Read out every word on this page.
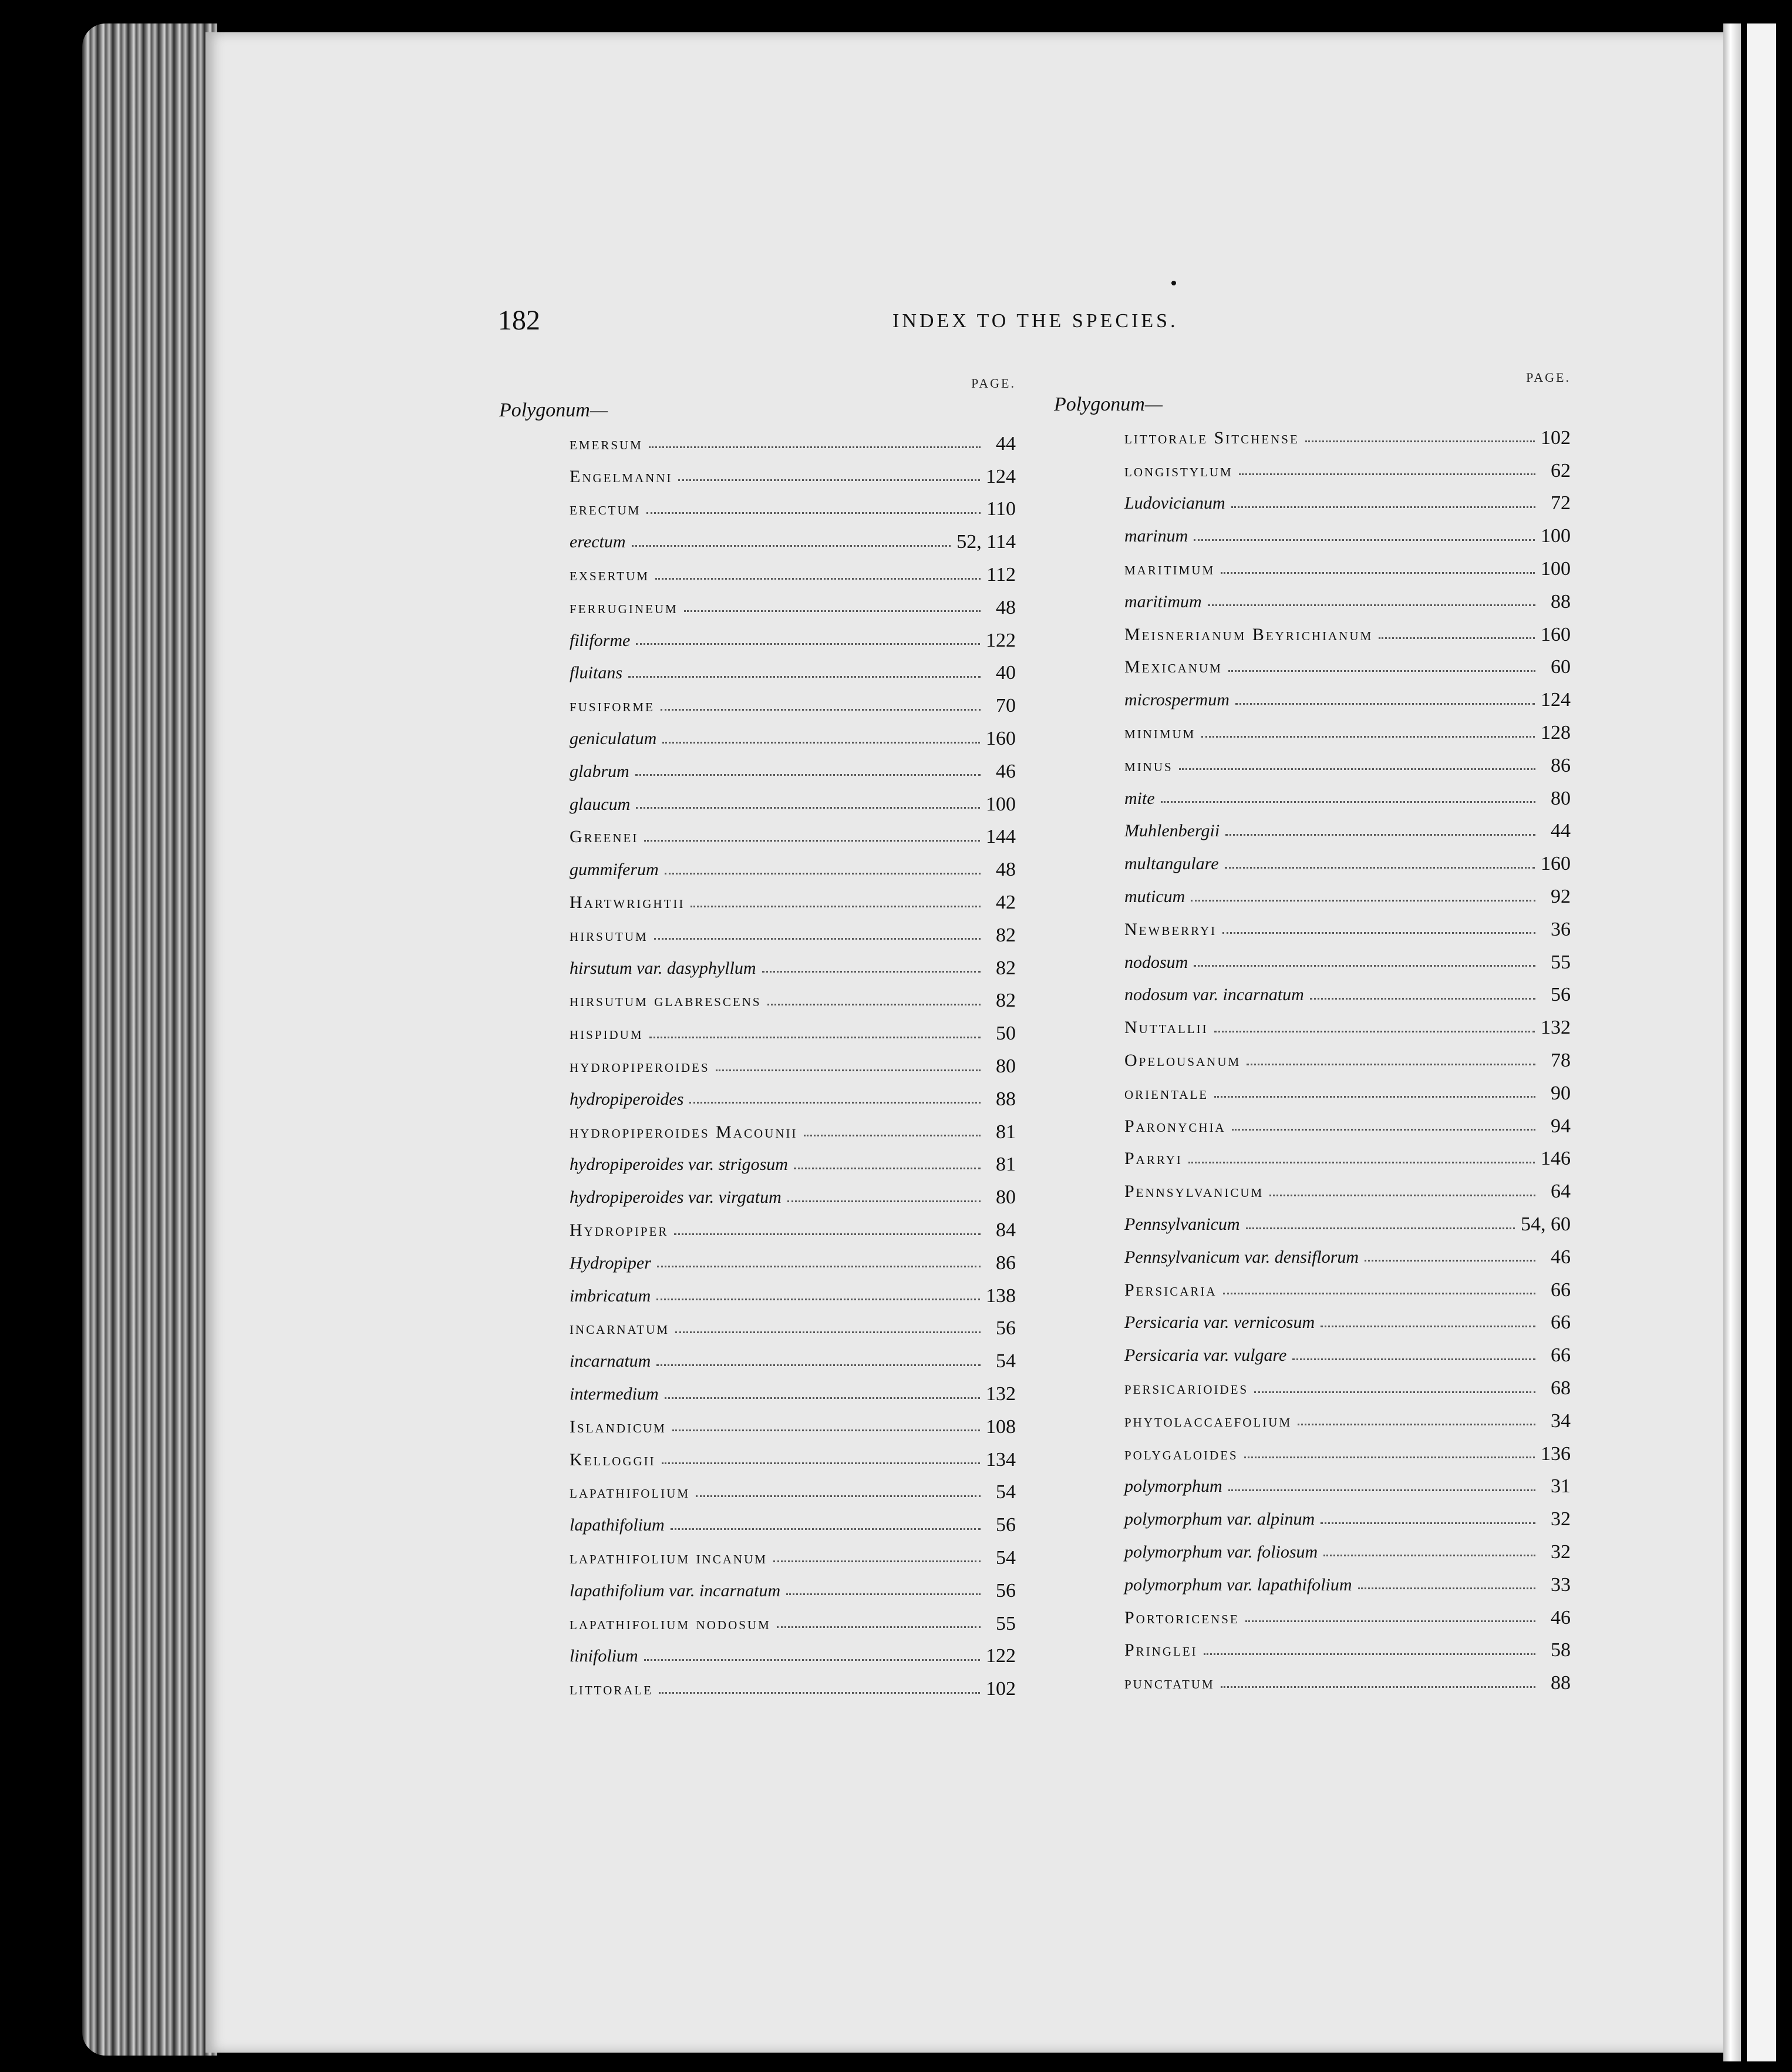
182	INDEX TO THE SPECIES.
PAGE.
Polygonum—
emersum	44
Engelmanni	124
erectum	110
erectum	52, 114
exsertum	112
ferrugineum	48
filiforme	122
fluitans	40
fusiforme	70
geniculatum	160
glabrum	46
glaucum	100
Greenei	144
gummiferum	48
Hartwrightii	42
hirsutum	82
hirsutum var. dasyphyllum	82
hirsutum glabrescens	82
hispidum	50
hydropiperoides	80
hydropiperoides	88
hydropiperoides Macounii	81
hydropiperoides var. strigosum	81
hydropiperoides var. virgatum	80
Hydropiper	84
Hydropiper	86
imbricatum	138
incarnatum	56
incarnatum	54
intermedium	132
Islandicum	108
Kelloggii	134
lapathifolium	54
lapathifolium	56
lapathifolium incanum	54
lapathifolium var. incarnatum	56
lapathifolium nodosum	55
linifolium	122
littorale	102
PAGE.
Polygonum—
littorale Sitchense	102
longistylum	62
Ludovicianum	72
marinum	100
maritimum	100
maritimum	88
Meisnerianum Beyrichianum	160
Mexicanum	60
microspermum	124
minimum	128
minus	86
mite	80
Muhlenbergii	44
multangulare	160
muticum	92
Newberryi	36
nodosum	55
nodosum var. incarnatum	56
Nuttallii	132
Opelousanum	78
orientale	90
Paronychia	94
Parryi	146
Pennsylvanicum	64
Pennsylvanicum	54, 60
Pennsylvanicum var. densiflorum	46
Persicaria	66
Persicaria var. vernicosum	66
Persicaria var. vulgare	66
persicarioides	68
phytolaccaefolium	34
polygaloides	136
polymorphum	31
polymorphum var. alpinum	32
polymorphum var. foliosum	32
polymorphum var. lapathifolium	33
Portoricense	46
Pringlei	58
punctatum	88
